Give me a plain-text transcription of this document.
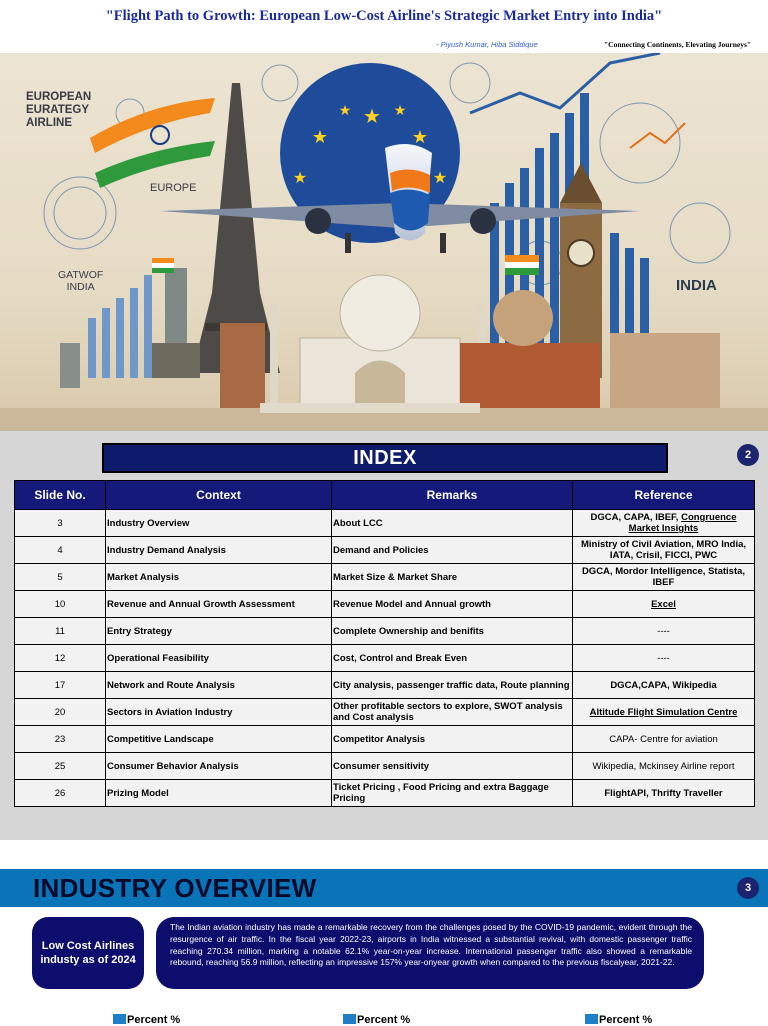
"Flight Path to Growth: European Low-Cost Airline's Strategic Market Entry into India"
- Piyush Kumar, Hiba Siddique	"Connecting Continents, Elevating Journeys"
★
★	★
★	★
★	★
EUROPEAN
EURATEGY
AIRLINE
EUROPE
GATWOF
INDIA	INDIA
INDEX	2
Slide No.	Context	Remarks	Reference
3	Industry Overview	About LCC	DGCA, CAPA, IBEF, Congruence Market Insights
4	Industry Demand Analysis	Demand and Policies	Ministry of Civil Aviation, MRO India, IATA, Crisil, FICCI, PWC
5	Market Analysis	Market Size & Market Share	DGCA, Mordor Intelligence, Statista, IBEF
10	Revenue and Annual Growth Assessment	Revenue Model and Annual growth	Excel
11	Entry Strategy	Complete Ownership and benifits	----
12	Operational Feasibility	Cost, Control and Break Even	----
17	Network and Route Analysis	City analysis, passenger traffic data, Route planning	DGCA,CAPA, Wikipedia
20	Sectors in Aviation Industry	Other profitable sectors to explore, SWOT analysis and Cost analysis	Altitude Flight Simulation Centre
23	Competitive Landscape	Competitor Analysis	CAPA- Centre for aviation
25	Consumer Behavior Analysis	Consumer sensitivity	Wikipedia, Mckinsey Airline report
26	Prizing Model	Ticket Pricing , Food Pricing and extra Baggage Pricing	FlightAPI, Thrifty Traveller
INDUSTRY OVERVIEW	3
Low Cost Airlines industy as of 2024
The Indian aviation industry has made a remarkable recovery from the challenges posed by the COVID-19 pandemic, evident through the resurgence of air traffic. In the fiscal year 2022-23, airports in India witnessed a substantial revival, with domestic passenger traffic reaching 270.34 million, marking a notable 62.1% year-on-year increase. International passenger traffic also showed a remarkable rebound, reaching 56.9 million, reflecting an impressive 157% year-onyear growth when compared to the previous fiscalyear, 2021-22.
Percent %	Percent %	Percent %
